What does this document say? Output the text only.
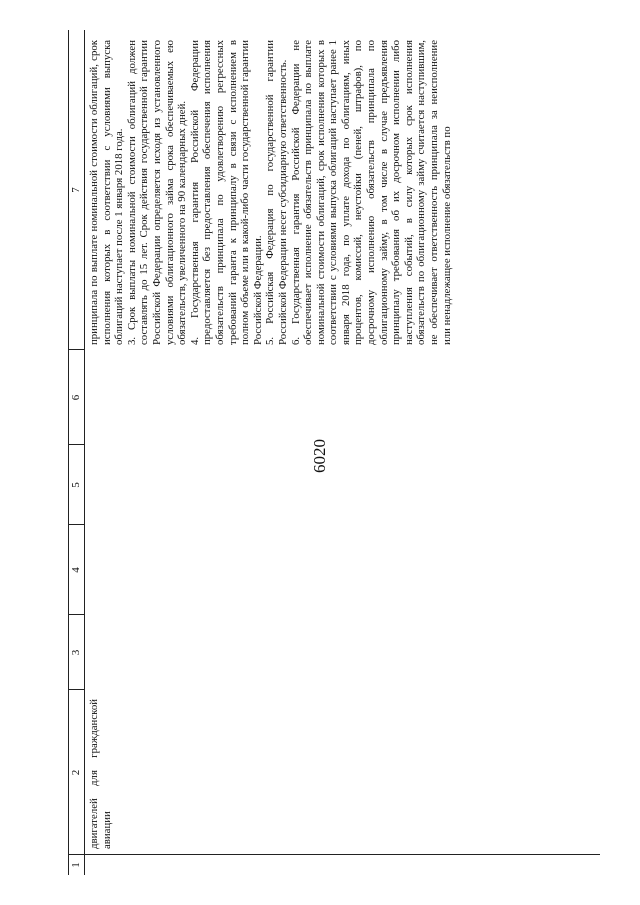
6020
1
2
3
4
5
6
7

двигателей для гражданской авиации

принципала по выплате номинальной стоимости облигаций, срок исполнения которых в соответствии с условиями выпуска облигаций наступает после 1 января 2018 года. 3. Срок выплаты номинальной стоимости облигаций должен составлять до 15 лет. Срок действия государственной гарантии Российской Федерации определяется исходя из установленного условиями облигационного займа срока обеспечиваемых ею обязательств, увеличенного на 90 календарных дней. 4. Государственная гарантия Российской Федерации предоставляется без предоставления обеспечения исполнения обязательств принципала по удовлетворению регрессных требований гаранта к принципалу в связи с исполнением в полном объеме или в какой-либо части государственной гарантии Российской Федерации. 5. Российская Федерация по государственной гарантии Российской Федерации несет субсидиарную ответственность. 6. Государственная гарантия Российской Федерации не обеспечивает исполнение обязательств принципала по выплате номинальной стоимости облигаций, срок исполнения которых в соответствии с условиями выпуска облигаций наступает ранее 1 января 2018 года, по уплате дохода по облигациям, иных процентов, комиссий, неустойки (пеней, штрафов), по досрочному исполнению обязательств принципала по облигационному займу, в том числе в случае предъявления принципалу требования об их досрочном исполнении либо наступления событий, в силу которых срок исполнения обязательств по облигационному займу считается наступившим, не обеспечивает ответственность принципала за неисполнение или ненадлежащее исполнение обязательств по
